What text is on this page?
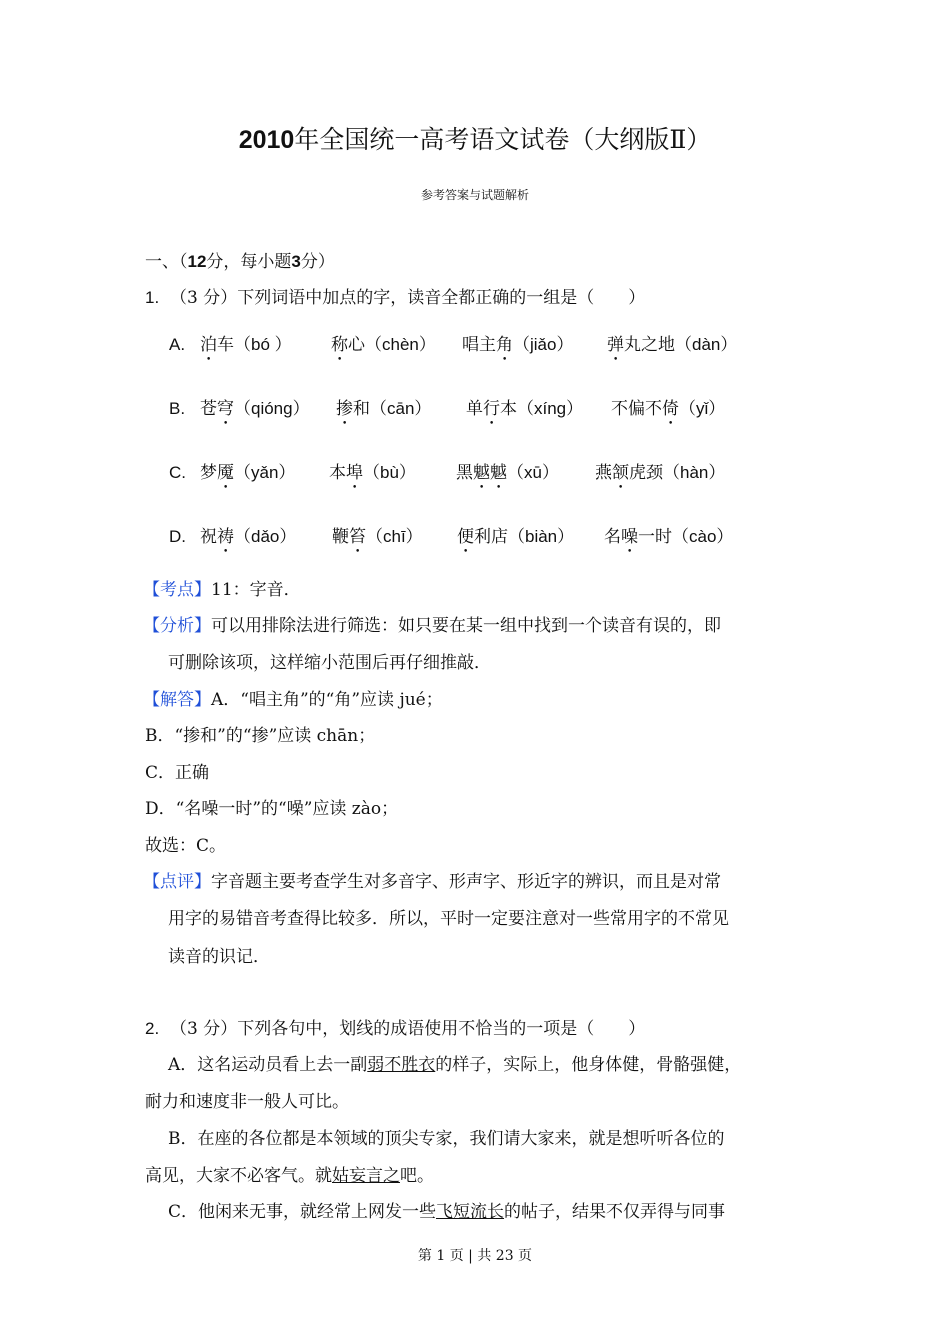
2010年全国统一高考语文试卷（大纲版Ⅱ）
参考答案与试题解析
一、（12分，每小题3分）
1. （3 分）下列词语中加点的字，读音全都正确的一组是（　　）
A. 泊车（bó ） 称心（chèn） 唱主角（jiǎo） 弹丸之地（dàn）
B. 苍穹（qióng） 掺和（cān） 单行本（xíng） 不偏不倚（yǐ）
C. 梦魇（yǎn） 本埠（bù） 黑魆魆（xū） 燕颔虎颈（hàn）
D. 祝祷（dǎo） 鞭笞（chī） 便利店（biàn） 名噪一时（cào）
【考点】11：字音．
【分析】可以用排除法进行筛选：如只要在某一组中找到一个读音有误的，即
可删除该项，这样缩小范围后再仔细推敲．
【解答】A．“唱主角”的“角”应读 jué；
B．“掺和”的“掺”应读 chān；
C．正确
D．“名噪一时”的“噪”应读 zào；
故选：C。
【点评】字音题主要考查学生对多音字、形声字、形近字的辨识，而且是对常
用字的易错音考查得比较多．所以，平时一定要注意对一些常用字的不常见
读音的识记．
2. （3 分）下列各句中，划线的成语使用不恰当的一项是（　　）
A．这名运动员看上去一副弱不胜衣的样子，实际上，他身体健，骨骼强健，
耐力和速度非一般人可比。
B．在座的各位都是本领域的顶尖专家，我们请大家来，就是想听听各位的
高见，大家不必客气。就姑妄言之吧。
C．他闲来无事，就经常上网发一些飞短流长的帖子，结果不仅弄得与同事
第 1 页 | 共 23 页
